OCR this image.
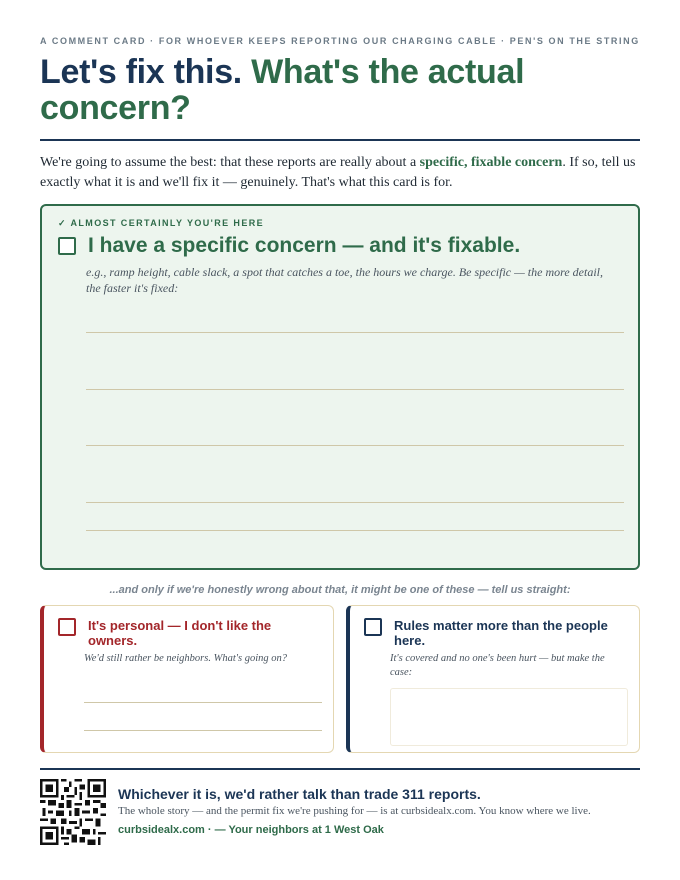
A COMMENT CARD · FOR WHOEVER KEEPS REPORTING OUR CHARGING CABLE · PEN'S ON THE STRING
Let's fix this. What's the actual concern?

We're going to assume the best: that these reports are really about a specific, fixable concern. If so, tell us exactly what it is and we'll fix it — genuinely. That's what this card is for.

✓ ALMOST CERTAINLY YOU'RE HERE
I have a specific concern — and it's fixable.
e.g., ramp height, cable slack, a spot that catches a toe, the hours we charge. Be specific — the more detail, the faster it's fixed:
...and only if we're honestly wrong about that, it might be one of these — tell us straight:
It's personal — I don't like the owners.
We'd still rather be neighbors. What's going on?
Rules matter more than the people here.
It's covered and no one's been hurt — but make the case:
Whichever it is, we'd rather talk than trade 311 reports.
The whole story — and the permit fix we're pushing for — is at curbsidealx.com. You know where we live.
curbsidealx.com · — Your neighbors at 1 West Oak
